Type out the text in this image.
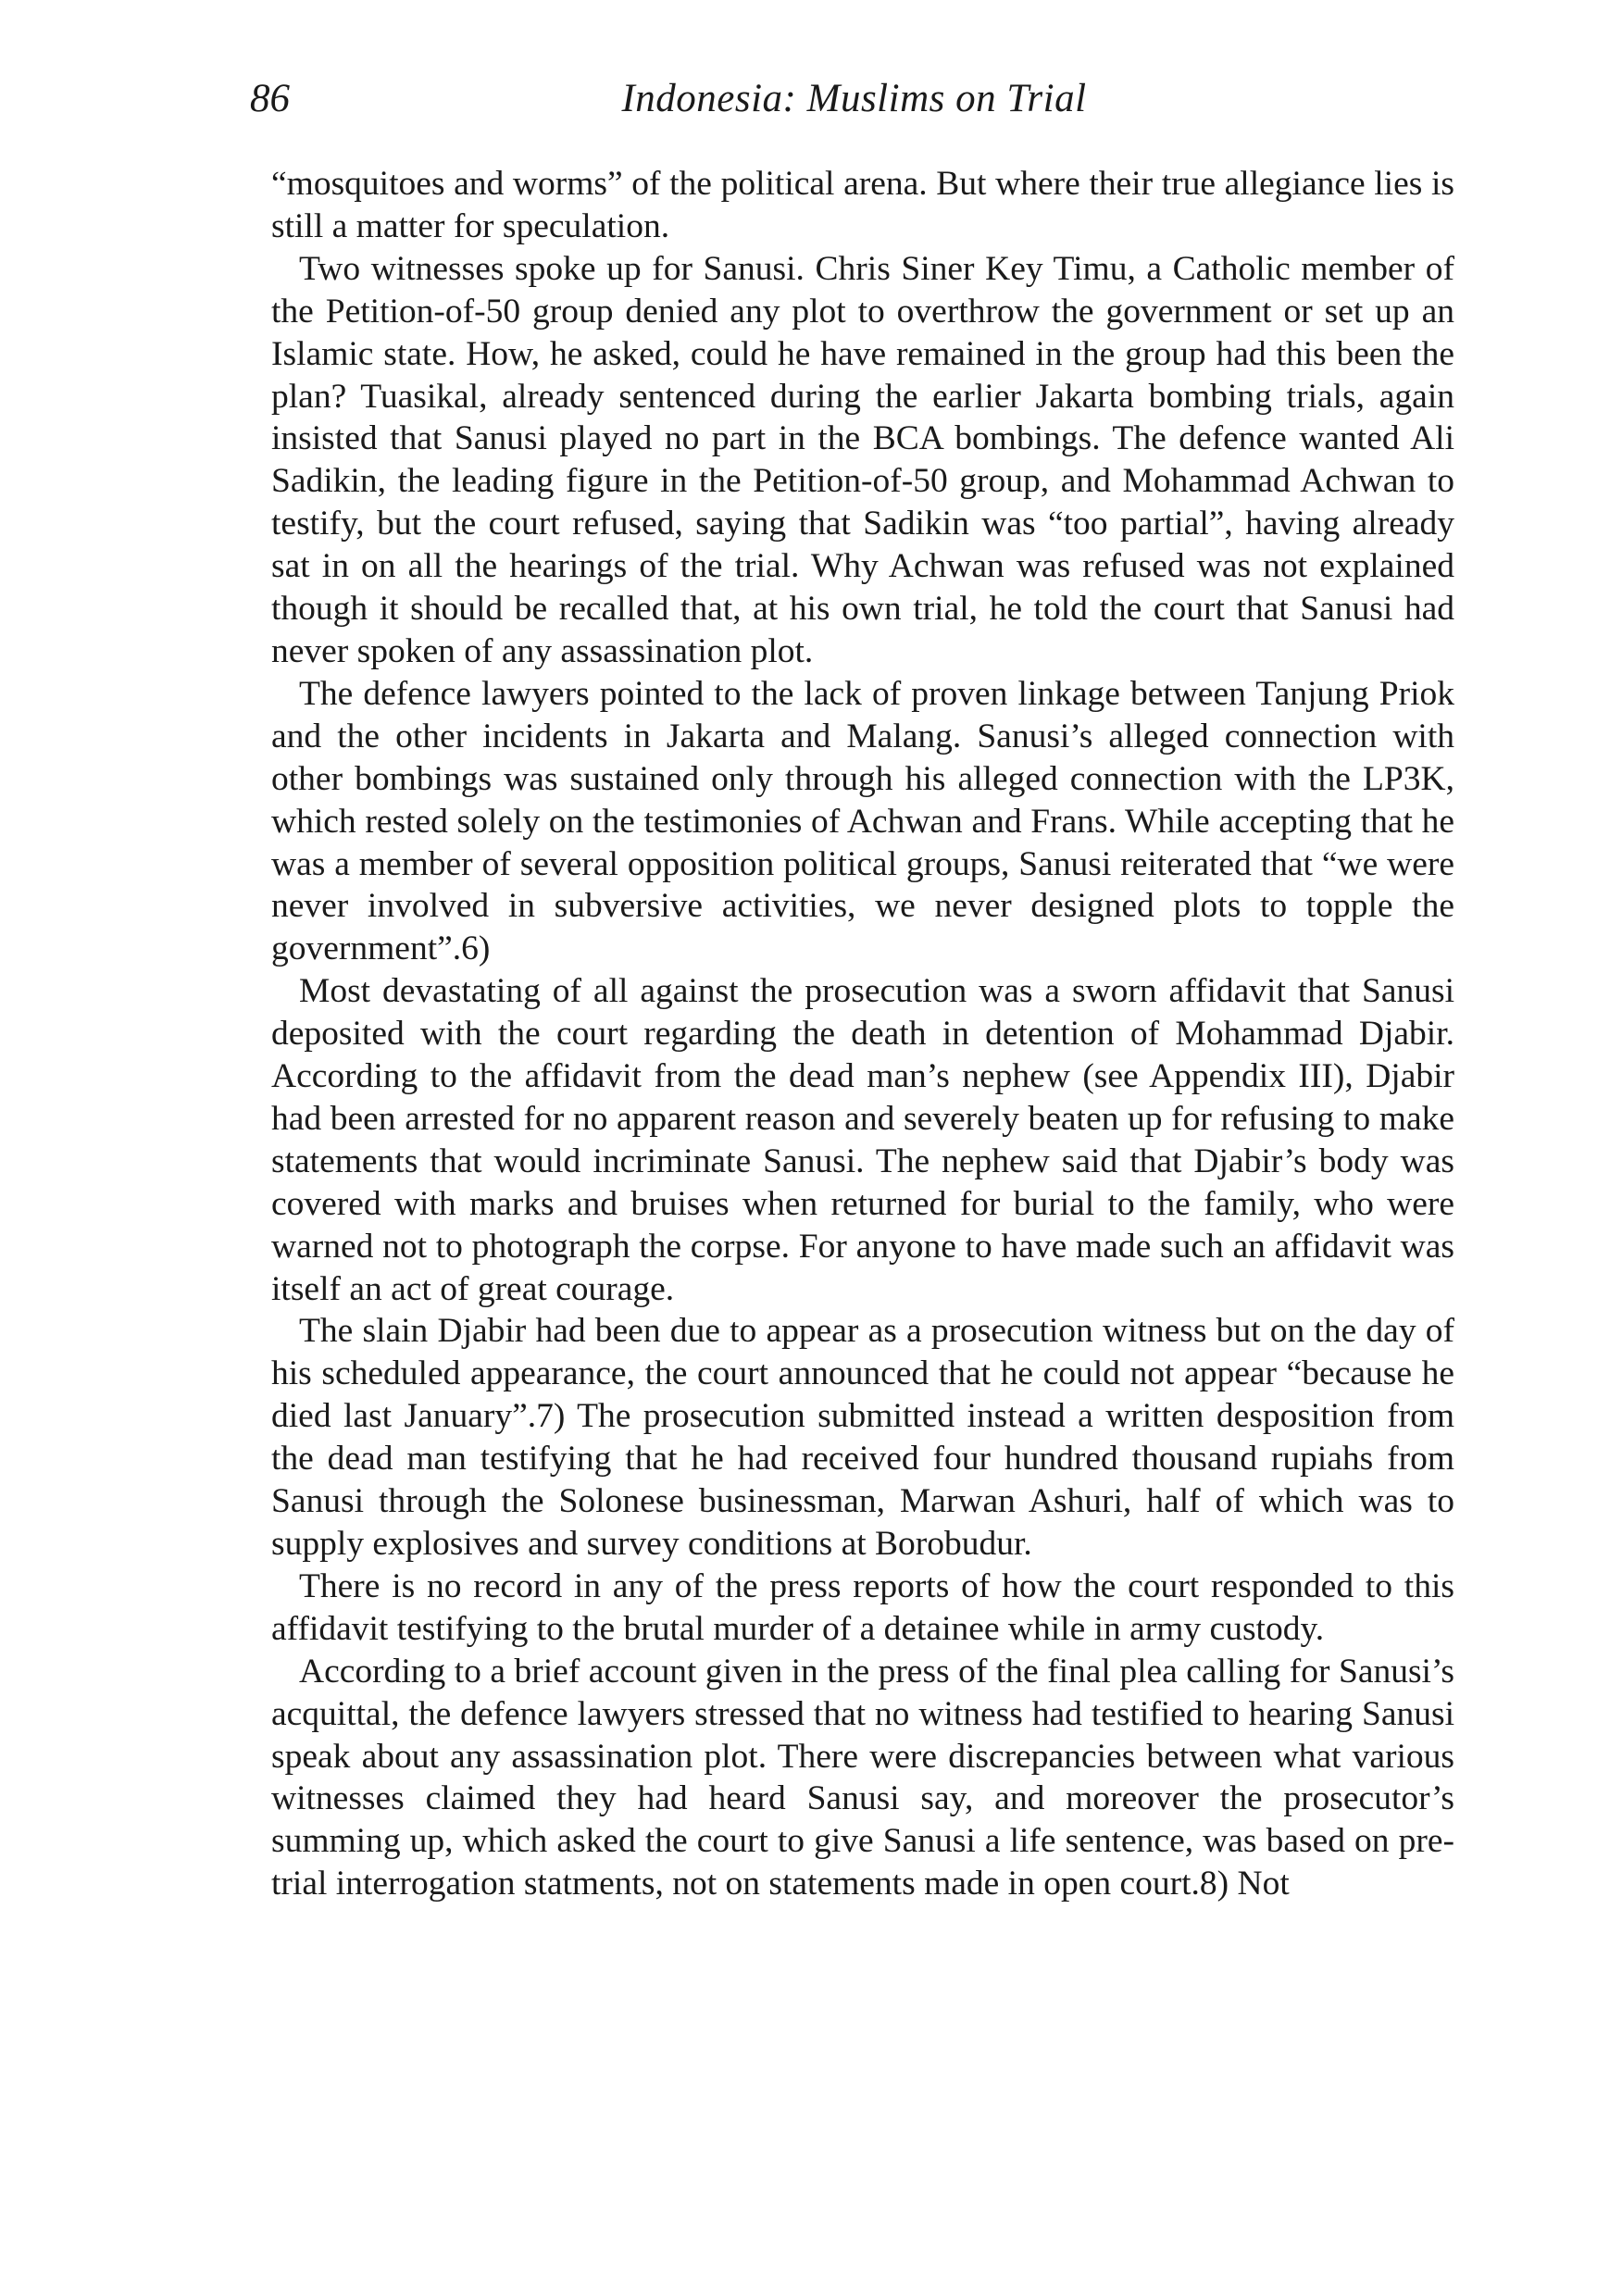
86	Indonesia: Muslims on Trial

“mosquitoes and worms” of the political arena. But where their true allegiance lies is still a matter for speculation.

Two witnesses spoke up for Sanusi. Chris Siner Key Timu, a Catholic member of the Petition-of-50 group denied any plot to overthrow the government or set up an Islamic state. How, he asked, could he have remained in the group had this been the plan? Tuasikal, already sentenced during the earlier Jakarta bombing trials, again insisted that Sanusi played no part in the BCA bombings. The defence wanted Ali Sadikin, the leading figure in the Petition-of-50 group, and Mohammad Achwan to testify, but the court refused, saying that Sadikin was “too partial”, having already sat in on all the hearings of the trial. Why Achwan was refused was not explained though it should be recalled that, at his own trial, he told the court that Sanusi had never spoken of any assassination plot.

The defence lawyers pointed to the lack of proven linkage between Tanjung Priok and the other incidents in Jakarta and Malang. Sanusi’s alleged connection with other bombings was sustained only through his alleged connection with the LP3K, which rested solely on the testimonies of Achwan and Frans. While accepting that he was a member of several opposition political groups, Sanusi reiterated that “we were never involved in subversive activities, we never designed plots to topple the government”.6)

Most devastating of all against the prosecution was a sworn affidavit that Sanusi deposited with the court regarding the death in detention of Mohammad Djabir. According to the affidavit from the dead man’s nephew (see Appendix III), Djabir had been arrested for no apparent reason and severely beaten up for refusing to make statements that would incriminate Sanusi. The nephew said that Djabir’s body was covered with marks and bruises when returned for burial to the family, who were warned not to photograph the corpse. For anyone to have made such an affidavit was itself an act of great courage.

The slain Djabir had been due to appear as a prosecution witness but on the day of his scheduled appearance, the court announced that he could not appear “because he died last January”.7) The prosecution submitted instead a written desposition from the dead man testifying that he had received four hundred thousand rupiahs from Sanusi through the Solonese businessman, Marwan Ashuri, half of which was to supply explosives and survey conditions at Borobudur.

There is no record in any of the press reports of how the court responded to this affidavit testifying to the brutal murder of a detainee while in army custody.

According to a brief account given in the press of the final plea calling for Sanusi’s acquittal, the defence lawyers stressed that no witness had testified to hearing Sanusi speak about any assassination plot. There were discrepancies between what various witnesses claimed they had heard Sanusi say, and moreover the prosecutor’s summing up, which asked the court to give Sanusi a life sentence, was based on pre-trial interrogation statments, not on statements made in open court.8) Not
